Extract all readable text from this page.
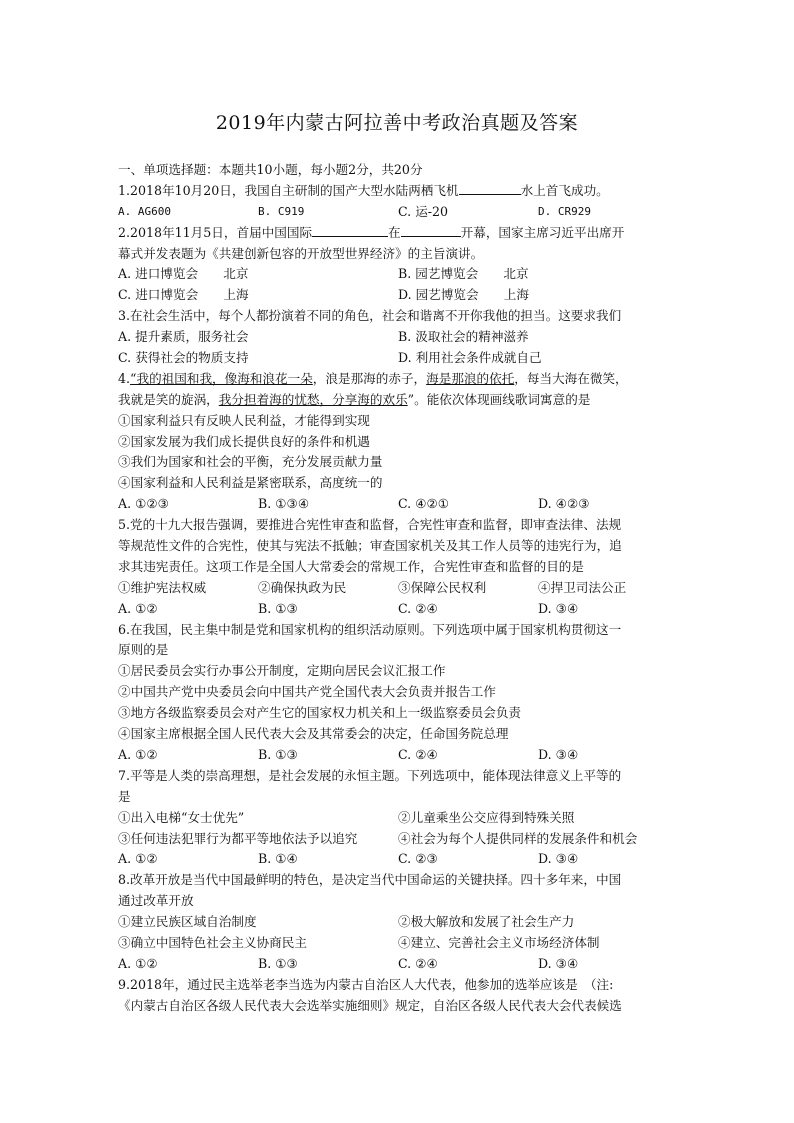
2019年内蒙古阿拉善中考政治真题及答案
一、单项选择题：本题共10小题，每小题2分，共20分
1.2018年10月20日，我国自主研制的国产大型水陆两栖飞机	水上首飞成功。
A. AG600	B. C919	C. 运-20	D. CR929
2.2018年11月5日，首届中国国际	在	开幕，国家主席习近平出席开
幕式并发表题为《共建创新包容的开放型世界经济》的主旨演讲。
A. 进口博览会　　北京	B. 园艺博览会　　北京
C. 进口博览会　　上海	D. 园艺博览会　　上海
3.在社会生活中，每个人都扮演着不同的角色，社会和谐离不开你我他的担当。这要求我们
A. 提升素质，服务社会	B. 汲取社会的精神滋养
C. 获得社会的物质支持	D. 利用社会条件成就自己
4.“我的祖国和我，像海和浪花一朵，浪是那海的赤子，海是那浪的依托，每当大海在微笑，
我就是笑的旋涡，我分担着海的忧愁，分享海的欢乐”。能依次体现画线歌词寓意的是
①国家利益只有反映人民利益，才能得到实现
②国家发展为我们成长提供良好的条件和机遇
③我们为国家和社会的平衡，充分发展贡献力量
④国家利益和人民利益是紧密联系，高度统一的
A. ①②③	B. ①③④	C. ④②①	D. ④②③
5.党的十九大报告强调，要推进合宪性审查和监督，合宪性审查和监督，即审查法律、法规
等规范性文件的合宪性，使其与宪法不抵触；审查国家机关及其工作人员等的违宪行为，追
求其违宪责任。这项工作是全国人大常委会的常规工作，合宪性审查和监督的目的是
①维护宪法权威	②确保执政为民	③保障公民权利	④捍卫司法公正
A. ①②	B. ①③	C. ②④	D. ③④
6.在我国，民主集中制是党和国家机构的组织活动原则。下列选项中属于国家机构贯彻这一
原则的是
①居民委员会实行办事公开制度，定期向居民会议汇报工作
②中国共产党中央委员会向中国共产党全国代表大会负责并报告工作
③地方各级监察委员会对产生它的国家权力机关和上一级监察委员会负责
④国家主席根据全国人民代表大会及其常委会的决定，任命国务院总理
A. ①②	B. ①③	C. ②④	D. ③④
7.平等是人类的崇高理想，是社会发展的永恒主题。下列选项中，能体现法律意义上平等的
是
①出入电梯“女士优先”	②儿童乘坐公交应得到特殊关照
③任何违法犯罪行为都平等地依法予以追究	④社会为每个人提供同样的发展条件和机会
A. ①②	B. ①④	C. ②③	D. ③④
8.改革开放是当代中国最鲜明的特色，是决定当代中国命运的关键抉择。四十多年来，中国
通过改革开放
①建立民族区域自治制度	②极大解放和发展了社会生产力
③确立中国特色社会主义协商民主	④建立、完善社会主义市场经济体制
A. ①②	B. ①③	C. ②④	D. ③④
9.2018年，通过民主选举老李当选为内蒙古自治区人大代表，他参加的选举应该是　（注:
《内蒙古自治区各级人民代表大会选举实施细则》规定，自治区各级人民代表大会代表候选
